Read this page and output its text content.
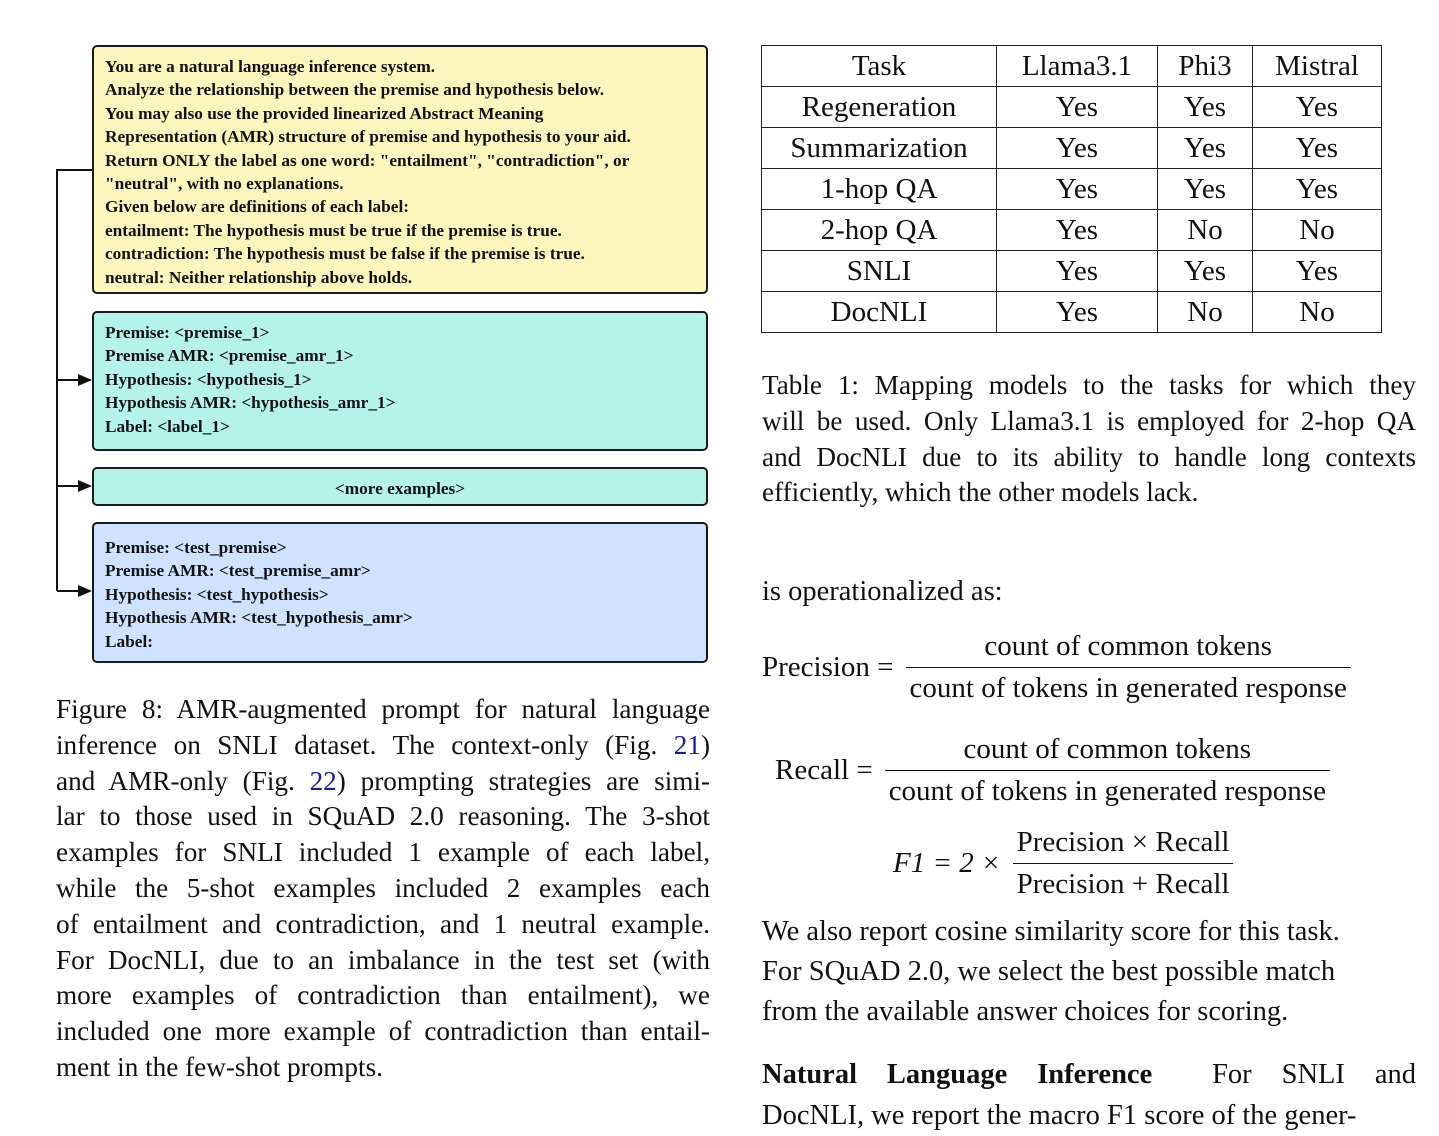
You are a natural language inference system.
Analyze the relationship between the premise and hypothesis below.
You may also use the provided linearized Abstract Meaning
Representation (AMR) structure of premise and hypothesis to your aid.
Return ONLY the label as one word: "entailment", "contradiction", or
"neutral", with no explanations.
Given below are definitions of each label:
entailment: The hypothesis must be true if the premise is true.
contradiction: The hypothesis must be false if the premise is true.
neutral: Neither relationship above holds.
Premise: <premise_1>
Premise AMR: <premise_amr_1>
Hypothesis: <hypothesis_1>
Hypothesis AMR: <hypothesis_amr_1>
Label: <label_1>
<more examples>
Premise: <test_premise>
Premise AMR: <test_premise_amr>
Hypothesis: <test_hypothesis>
Hypothesis AMR: <test_hypothesis_amr>
Label:
Figure 8: AMR-augmented prompt for natural language
inference on SNLI dataset. The context-only (Fig. 21)
and AMR-only (Fig. 22) prompting strategies are simi-
lar to those used in SQuAD 2.0 reasoning. The 3-shot
examples for SNLI included 1 example of each label,
while the 5-shot examples included 2 examples each
of entailment and contradiction, and 1 neutral example.
For DocNLI, due to an imbalance in the test set (with
more examples of contradiction than entailment), we
included one more example of contradiction than entail-
ment in the few-shot prompts.
Task	Llama3.1	Phi3	Mistral
Regeneration	Yes	Yes	Yes
Summarization	Yes	Yes	Yes
1-hop QA	Yes	Yes	Yes
2-hop QA	Yes	No	No
SNLI	Yes	Yes	Yes
DocNLI	Yes	No	No
Table 1: Mapping models to the tasks for which they
will be used. Only Llama3.1 is employed for 2-hop QA
and DocNLI due to its ability to handle long contexts
efficiently, which the other models lack.
is operationalized as:
Precision = $\frac{\text{count of common tokens}}{\text{count of tokens in generated response}}$
Recall = $\frac{\text{count of common tokens}}{\text{count of tokens in generated response}}$
$F1 = 2 \times \frac{\text{Precision × Recall}}{\text{Precision + Recall}}$
We also report cosine similarity score for this task.
For SQuAD 2.0, we select the best possible match
from the available answer choices for scoring.
Natural Language Inference For SNLI and
DocNLI, we report the macro F1 score of the gener-
